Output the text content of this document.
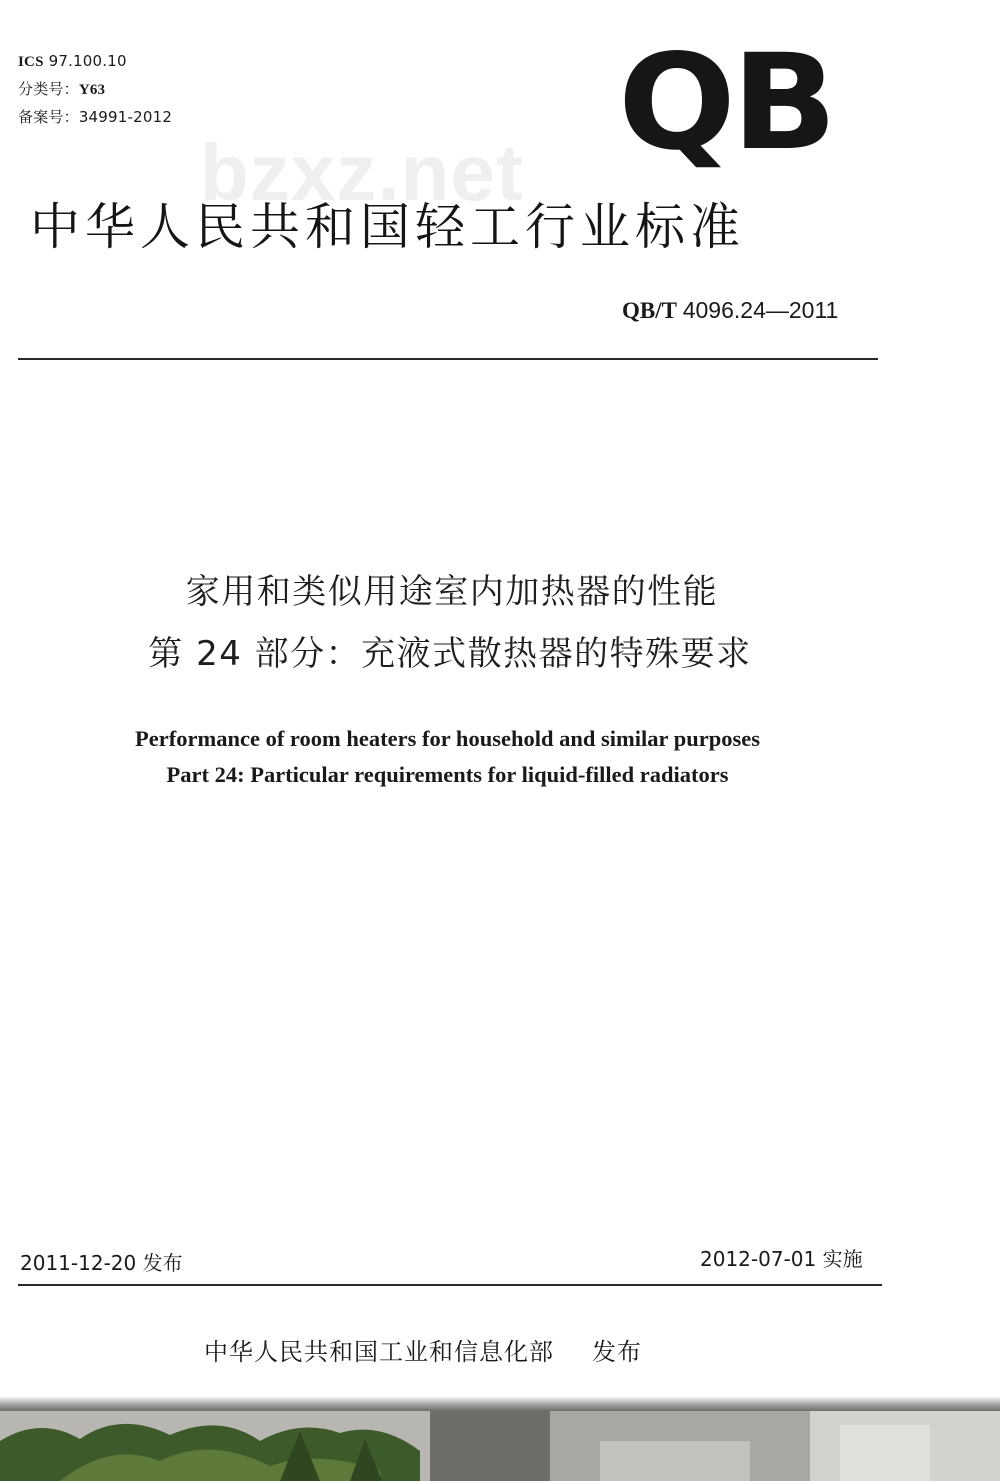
ICS 97.100.10
分类号：Y63
备案号：34991-2012
bzxz.net QB
中华人民共和国轻工行业标准
QB/T 4096.24—2011
家用和类似用途室内加热器的性能
第 24 部分：充液式散热器的特殊要求
Performance of room heaters for household and similar purposes
Part 24: Particular requirements for liquid-filled radiators
2011-12-20 发布	2012-07-01 实施
中华人民共和国工业和信息化部 发布
